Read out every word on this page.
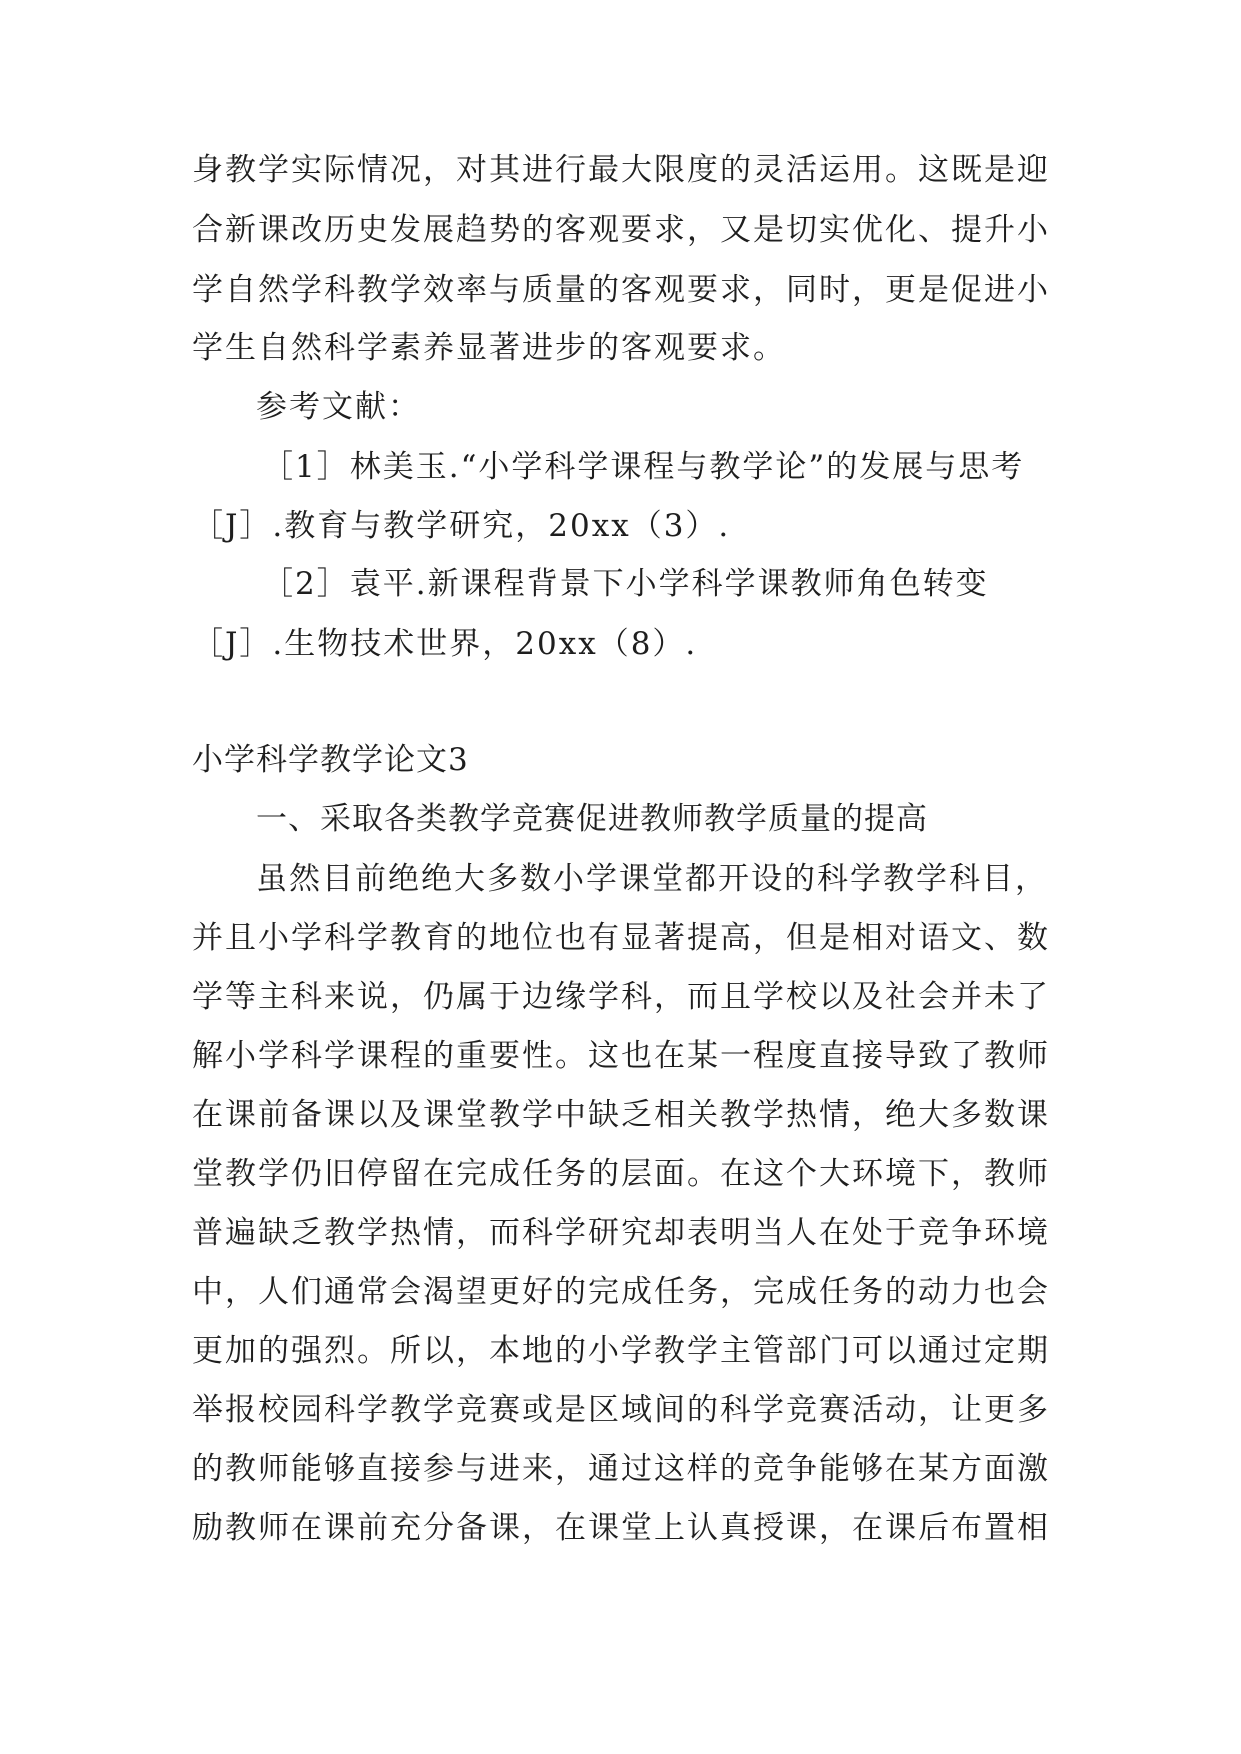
身教学实际情况，对其进行最大限度的灵活运用。这既是迎
合新课改历史发展趋势的客观要求，又是切实优化、提升小
学自然学科教学效率与质量的客观要求，同时，更是促进小
学生自然科学素养显著进步的客观要求。
参考文献：
［1］林美玉.“小学科学课程与教学论”的发展与思考
［J］.教育与教学研究，20xx（3）.
［2］袁平.新课程背景下小学科学课教师角色转变
［J］.生物技术世界，20xx（8）.
小学科学教学论文3
一、采取各类教学竞赛促进教师教学质量的提高
虽然目前绝绝大多数小学课堂都开设的科学教学科目，
并且小学科学教育的地位也有显著提高，但是相对语文、数
学等主科来说，仍属于边缘学科，而且学校以及社会并未了
解小学科学课程的重要性。这也在某一程度直接导致了教师
在课前备课以及课堂教学中缺乏相关教学热情，绝大多数课
堂教学仍旧停留在完成任务的层面。在这个大环境下，教师
普遍缺乏教学热情，而科学研究却表明当人在处于竞争环境
中，人们通常会渴望更好的完成任务，完成任务的动力也会
更加的强烈。所以，本地的小学教学主管部门可以通过定期
举报校园科学教学竞赛或是区域间的科学竞赛活动，让更多
的教师能够直接参与进来，通过这样的竞争能够在某方面激
励教师在课前充分备课，在课堂上认真授课，在课后布置相
